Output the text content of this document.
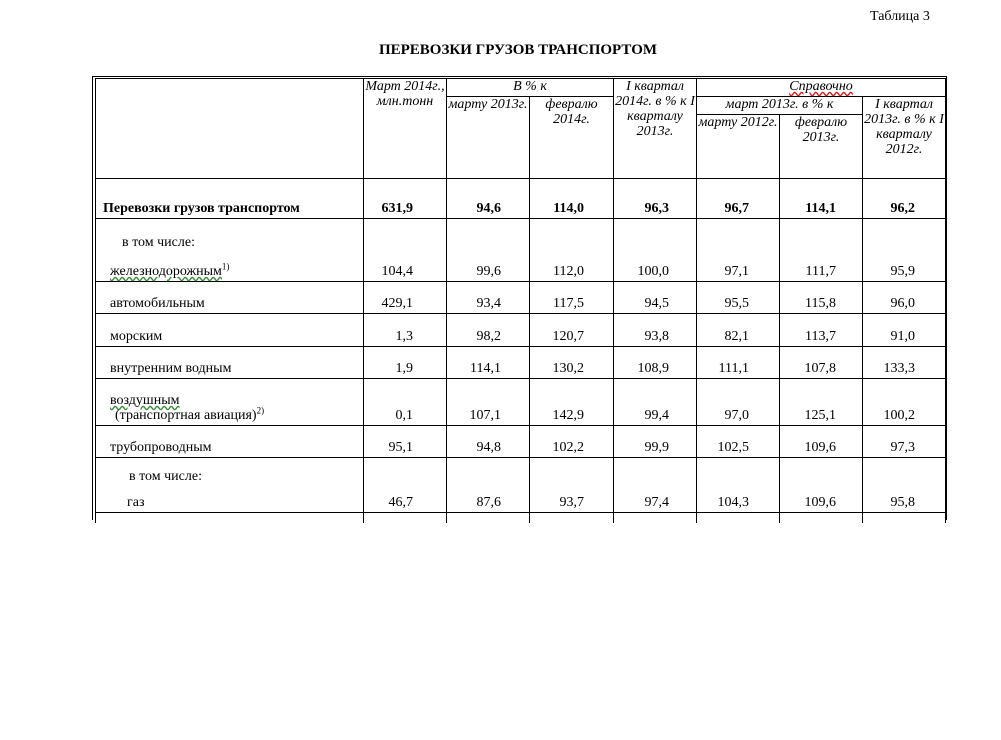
Таблица 3
ПЕРЕВОЗКИ ГРУЗОВ ТРАНСПОРТОМ
	Март 2014г., млн.тонн	В % к		I квартал 2014г. в % к I кварталу 2013г.	Справочно		
		марту 2013г.	февралю 2014г.		март 2013г. в % к		I квартал 2013г. в % к I кварталу 2012г.
					марту 2012г.	февралю 2013г.	
Перевозки грузов транспортом	631,9	94,6	114,0	96,3	96,7	114,1	96,2

в том числе:
железнодорожным$^{1)}$	104,4	99,6	112,0	100,0	97,1	111,7	95,9
автомобильным	429,1	93,4	117,5	94,5	95,5	115,8	96,0
морским	1,3	98,2	120,7	93,8	82,1	113,7	91,0
внутренним водным	1,9	114,1	130,2	108,9	111,1	107,8	133,3

воздушным
(транспортная авиация)$^{2)}$	0,1	107,1	142,9	99,4	97,0	125,1	100,2
трубопроводным	95,1	94,8	102,2	99,9	102,5	109,6	97,3

в том числе:
газ	46,7	87,6	93,7	97,4	104,3	109,6	95,8
